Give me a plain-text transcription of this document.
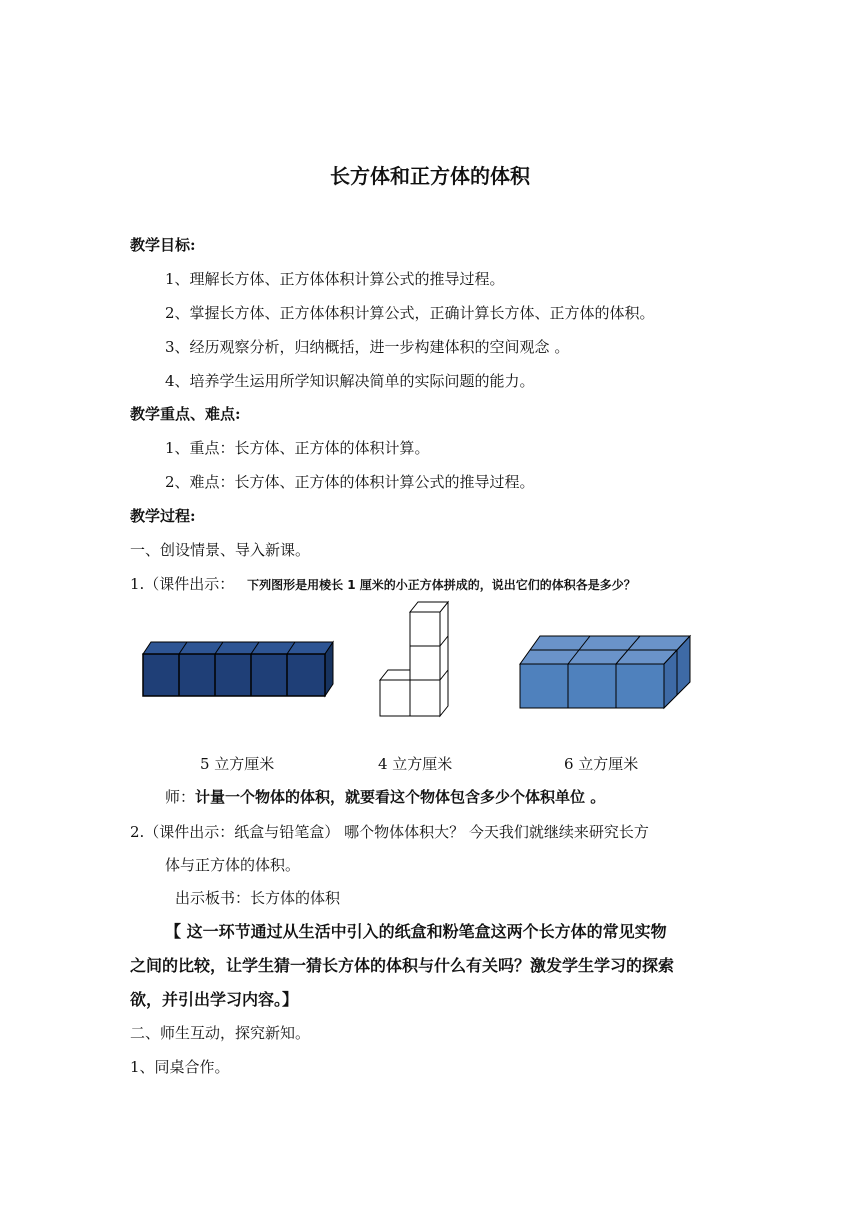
长方体和正方体的体积
教学目标:
1、理解长方体、正方体体积计算公式的推导过程。
2、掌握长方体、正方体体积计算公式，正确计算长方体、正方体的体积。
3、经历观察分析，归纳概括，进一步构建体积的空间观念 。
4、培养学生运用所学知识解决简单的实际问题的能力。
教学重点、难点:
1、重点：长方体、正方体的体积计算。
2、难点：长方体、正方体的体积计算公式的推导过程。
教学过程:
一、创设情景、导入新课。
1.（课件出示： 下列图形是用棱长 1 厘米的小正方体拼成的，说出它们的体积各是多少？
5 立方厘米	4 立方厘米	6 立方厘米
师：计量一个物体的体积，就要看这个物体包含多少个体积单位 。
2.（课件出示：纸盒与铅笔盒） 哪个物体体积大？ 今天我们就继续来研究长方
体与正方体的体积。
出示板书：长方体的体积
【 这一环节通过从生活中引入的纸盒和粉笔盒这两个长方体的常见实物
之间的比较，让学生猜一猜长方体的体积与什么有关吗？激发学生学习的探索
欲，并引出学习内容。】
二、师生互动，探究新知。
1、同桌合作。
